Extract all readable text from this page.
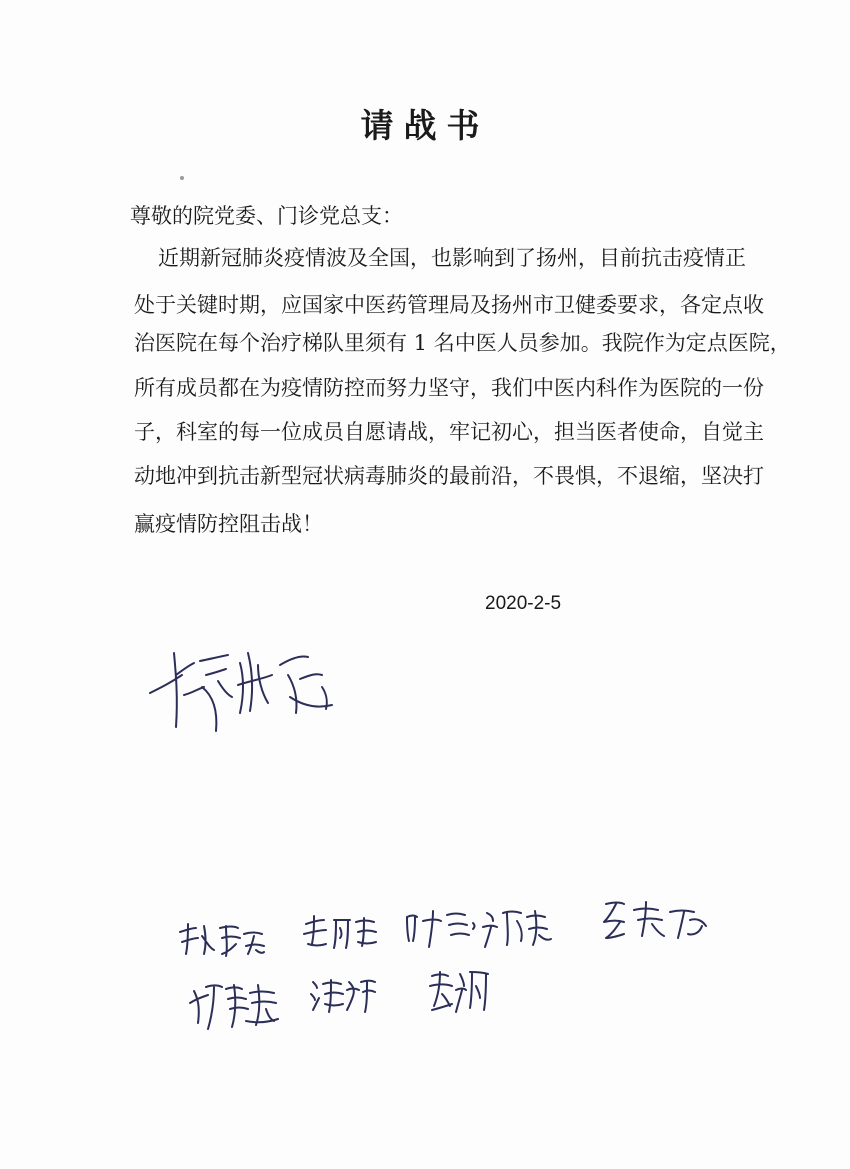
请战书
尊敬的院党委、门诊党总支：
近期新冠肺炎疫情波及全国，也影响到了扬州，目前抗击疫情正
处于关键时期，应国家中医药管理局及扬州市卫健委要求，各定点收
治医院在每个治疗梯队里须有 1 名中医人员参加。我院作为定点医院，
所有成员都在为疫情防控而努力坚守，我们中医内科作为医院的一份
子，科室的每一位成员自愿请战，牢记初心，担当医者使命，自觉主
动地冲到抗击新型冠状病毒肺炎的最前沿，不畏惧，不退缩，坚决打
赢疫情防控阻击战！
2020-2-5
